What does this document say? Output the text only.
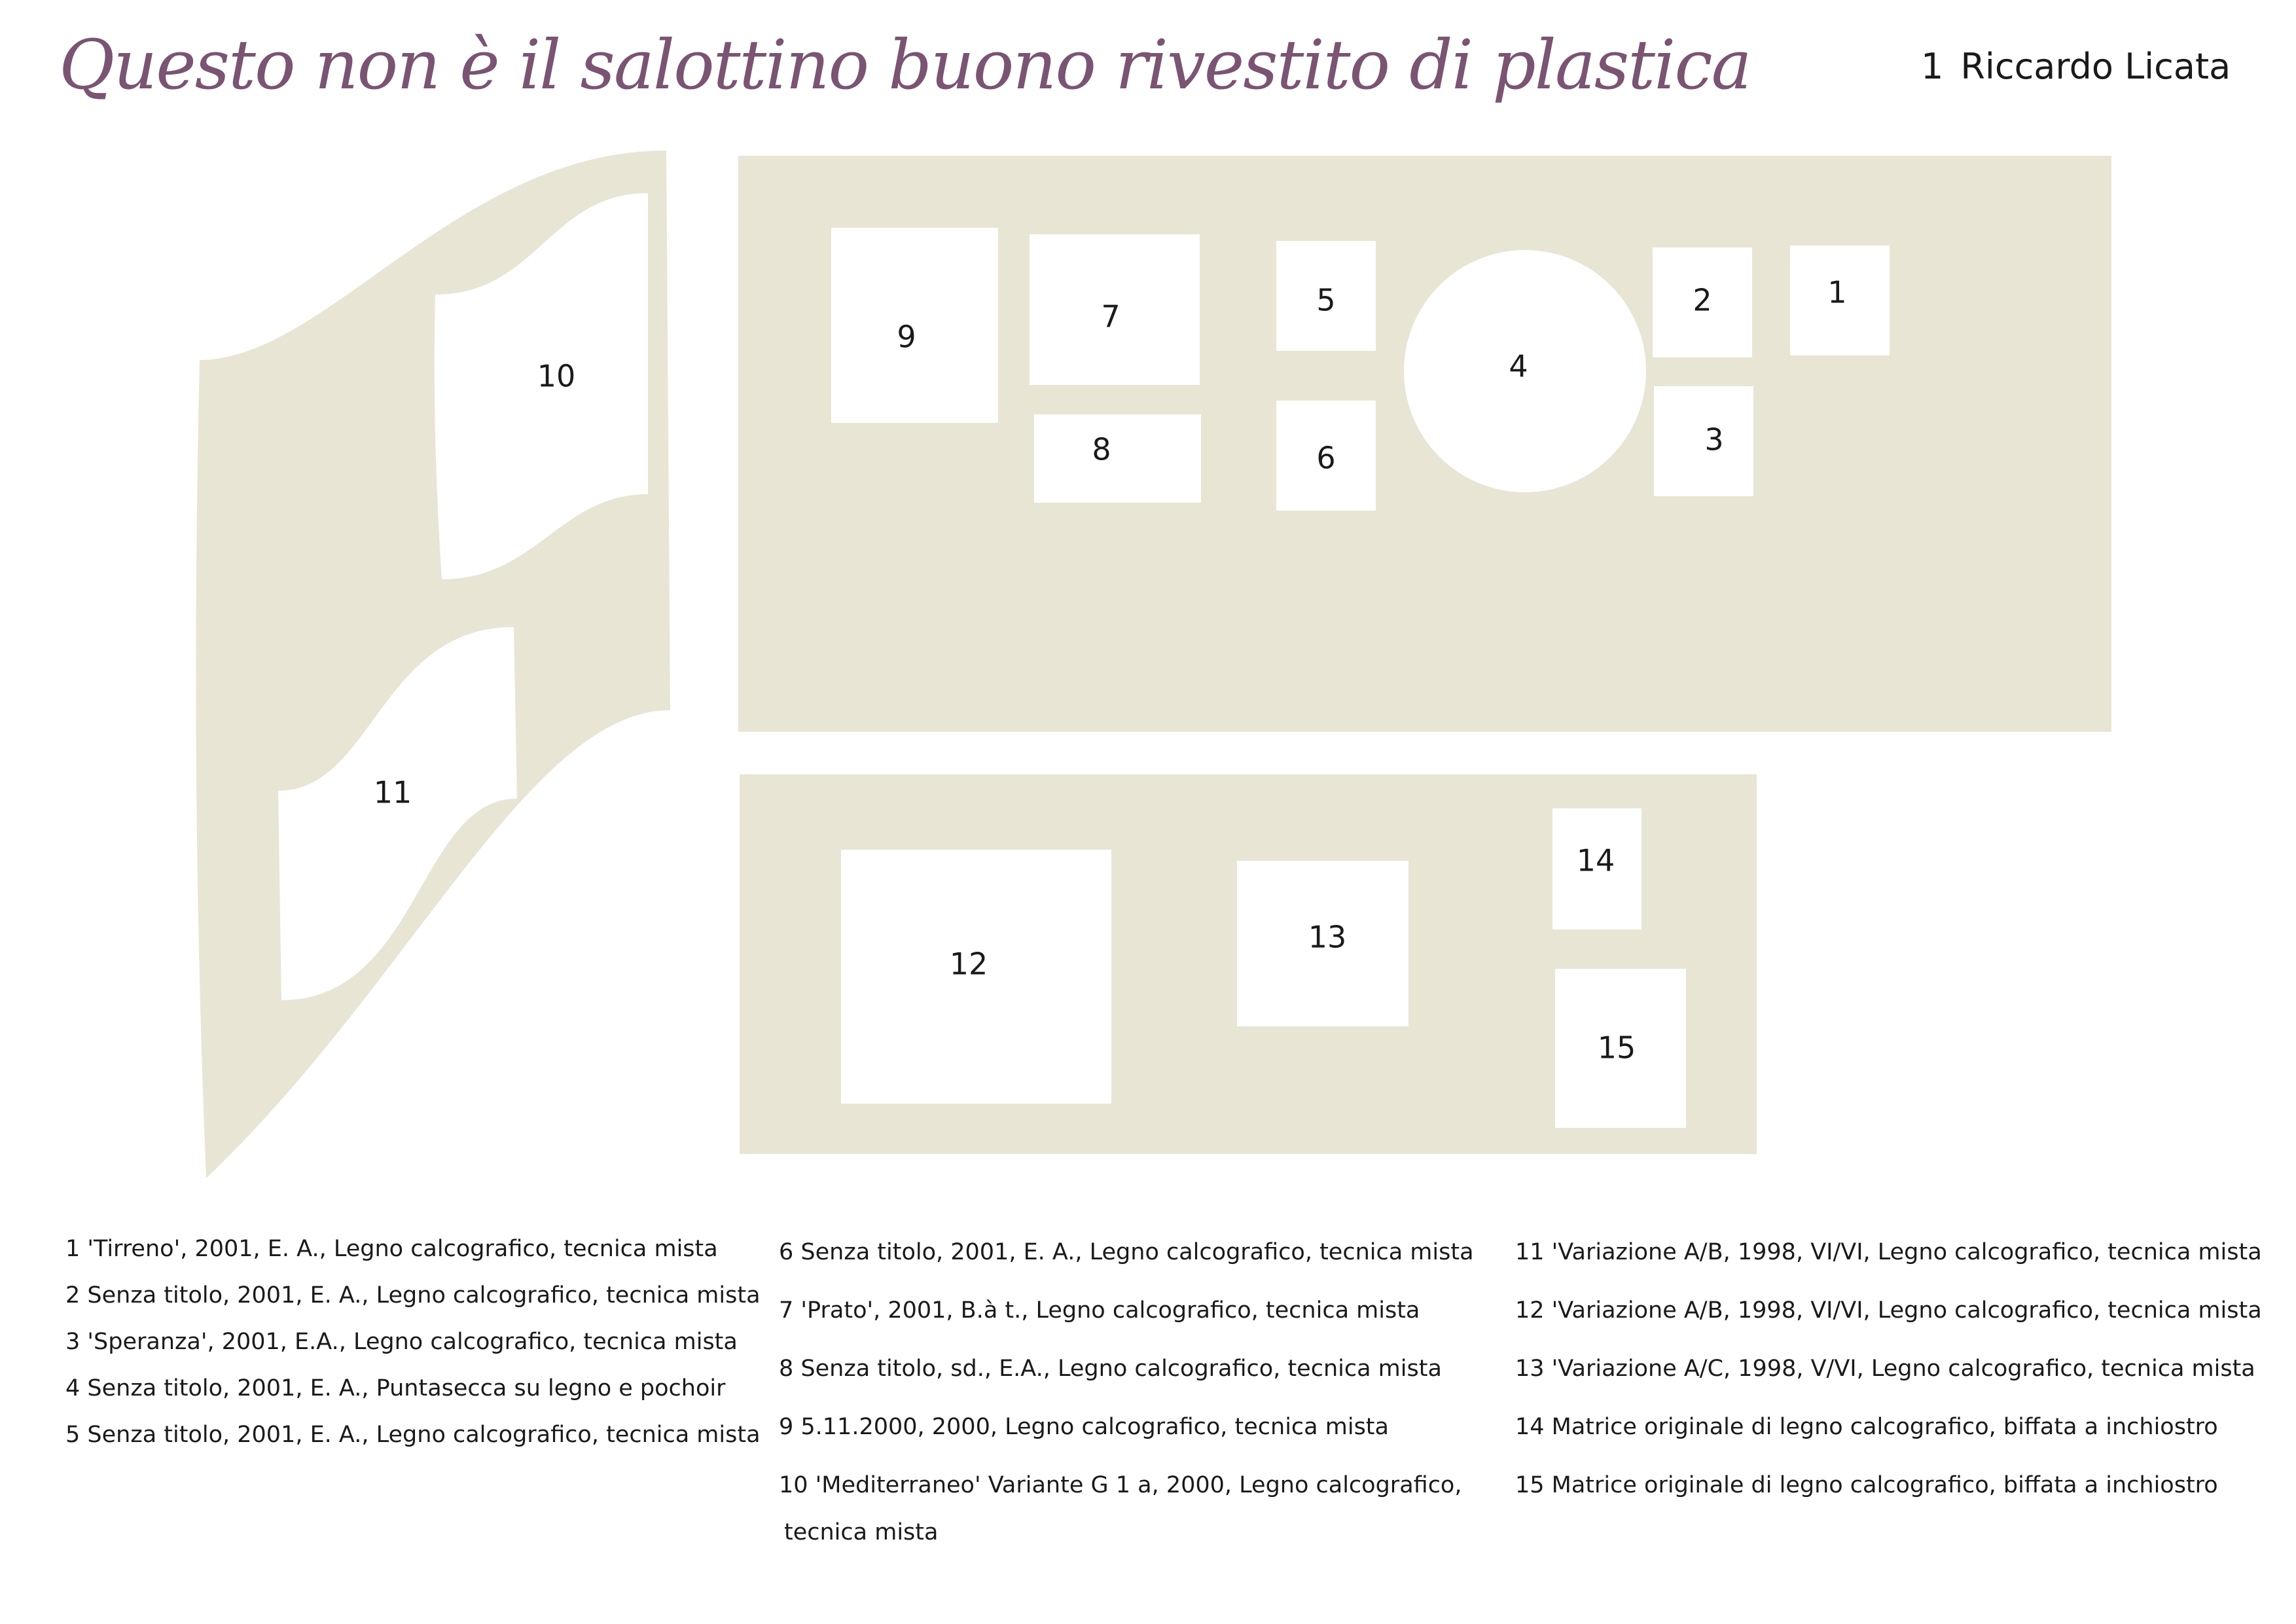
Questo non è il salottino buono rivestito di plastica	1 Riccardo Licata
10
11
9
7
8
5
6
4
2
3
1
12
13
14
15
1 'Tirreno', 2001, E. A., Legno calcografico, tecnica mista
2 Senza titolo, 2001, E. A., Legno calcografico, tecnica mista
3 'Speranza', 2001, E.A., Legno calcografico, tecnica mista
4 Senza titolo, 2001, E. A., Puntasecca su legno e pochoir
5 Senza titolo, 2001, E. A., Legno calcografico, tecnica mista
6 Senza titolo, 2001, E. A., Legno calcografico, tecnica mista
7 'Prato', 2001, B.à t., Legno calcografico, tecnica mista
8 Senza titolo, sd., E.A., Legno calcografico, tecnica mista
9 5.11.2000, 2000, Legno calcografico, tecnica mista
10 'Mediterraneo' Variante G 1 a, 2000, Legno calcografico,
tecnica mista
11 'Variazione A/B, 1998, VI/VI, Legno calcografico, tecnica mista
12 'Variazione A/B, 1998, VI/VI, Legno calcografico, tecnica mista
13 'Variazione A/C, 1998, V/VI, Legno calcografico, tecnica mista
14 Matrice originale di legno calcografico, biffata a inchiostro
15 Matrice originale di legno calcografico, biffata a inchiostro
